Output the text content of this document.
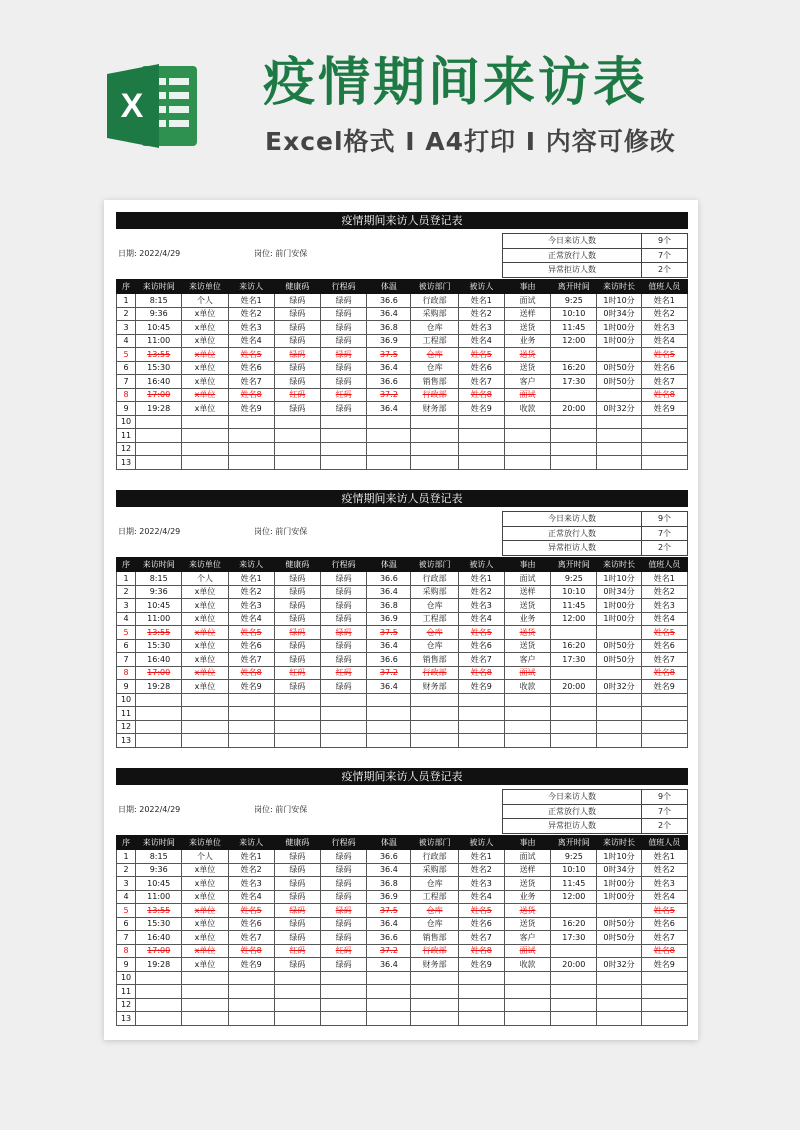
X 疫情期间来访表
Excel格式 I A4打印 I 内容可修改
疫情期间来访人员登记表
日期: 2022/4/29	岗位: 前门安保
今日来访人数	9个
正常放行人数	7个
异常拒访人数	2个
序	来访时间	来访单位	来访人	健康码	行程码	体温	被访部门	被访人	事由	离开时间	来访时长	值班人员
1	8:15	个人	姓名1	绿码	绿码	36.6	行政部	姓名1	面试	9:25	1时10分	姓名1
2	9:36	x单位	姓名2	绿码	绿码	36.4	采购部	姓名2	送样	10:10	0时34分	姓名2
3	10:45	x单位	姓名3	绿码	绿码	36.8	仓库	姓名3	送货	11:45	1时00分	姓名3
4	11:00	x单位	姓名4	绿码	绿码	36.9	工程部	姓名4	业务	12:00	1时00分	姓名4
5	13:55	x单位	姓名5	绿码	绿码	37.5	仓库	姓名5	送货			姓名5
6	15:30	x单位	姓名6	绿码	绿码	36.4	仓库	姓名6	送货	16:20	0时50分	姓名6
7	16:40	x单位	姓名7	绿码	绿码	36.6	销售部	姓名7	客户	17:30	0时50分	姓名7
8	17:00	x单位	姓名8	红码	红码	37.2	行政部	姓名8	面试			姓名8
9	19:28	x单位	姓名9	绿码	绿码	36.4	财务部	姓名9	收款	20:00	0时32分	姓名9
10												
11												
12												
13												
疫情期间来访人员登记表
日期: 2022/4/29	岗位: 前门安保
今日来访人数	9个
正常放行人数	7个
异常拒访人数	2个
序	来访时间	来访单位	来访人	健康码	行程码	体温	被访部门	被访人	事由	离开时间	来访时长	值班人员
1	8:15	个人	姓名1	绿码	绿码	36.6	行政部	姓名1	面试	9:25	1时10分	姓名1
2	9:36	x单位	姓名2	绿码	绿码	36.4	采购部	姓名2	送样	10:10	0时34分	姓名2
3	10:45	x单位	姓名3	绿码	绿码	36.8	仓库	姓名3	送货	11:45	1时00分	姓名3
4	11:00	x单位	姓名4	绿码	绿码	36.9	工程部	姓名4	业务	12:00	1时00分	姓名4
5	13:55	x单位	姓名5	绿码	绿码	37.5	仓库	姓名5	送货			姓名5
6	15:30	x单位	姓名6	绿码	绿码	36.4	仓库	姓名6	送货	16:20	0时50分	姓名6
7	16:40	x单位	姓名7	绿码	绿码	36.6	销售部	姓名7	客户	17:30	0时50分	姓名7
8	17:00	x单位	姓名8	红码	红码	37.2	行政部	姓名8	面试			姓名8
9	19:28	x单位	姓名9	绿码	绿码	36.4	财务部	姓名9	收款	20:00	0时32分	姓名9
10												
11												
12												
13												
疫情期间来访人员登记表
日期: 2022/4/29	岗位: 前门安保
今日来访人数	9个
正常放行人数	7个
异常拒访人数	2个
序	来访时间	来访单位	来访人	健康码	行程码	体温	被访部门	被访人	事由	离开时间	来访时长	值班人员
1	8:15	个人	姓名1	绿码	绿码	36.6	行政部	姓名1	面试	9:25	1时10分	姓名1
2	9:36	x单位	姓名2	绿码	绿码	36.4	采购部	姓名2	送样	10:10	0时34分	姓名2
3	10:45	x单位	姓名3	绿码	绿码	36.8	仓库	姓名3	送货	11:45	1时00分	姓名3
4	11:00	x单位	姓名4	绿码	绿码	36.9	工程部	姓名4	业务	12:00	1时00分	姓名4
5	13:55	x单位	姓名5	绿码	绿码	37.5	仓库	姓名5	送货			姓名5
6	15:30	x单位	姓名6	绿码	绿码	36.4	仓库	姓名6	送货	16:20	0时50分	姓名6
7	16:40	x单位	姓名7	绿码	绿码	36.6	销售部	姓名7	客户	17:30	0时50分	姓名7
8	17:00	x单位	姓名8	红码	红码	37.2	行政部	姓名8	面试			姓名8
9	19:28	x单位	姓名9	绿码	绿码	36.4	财务部	姓名9	收款	20:00	0时32分	姓名9
10												
11												
12												
13												
